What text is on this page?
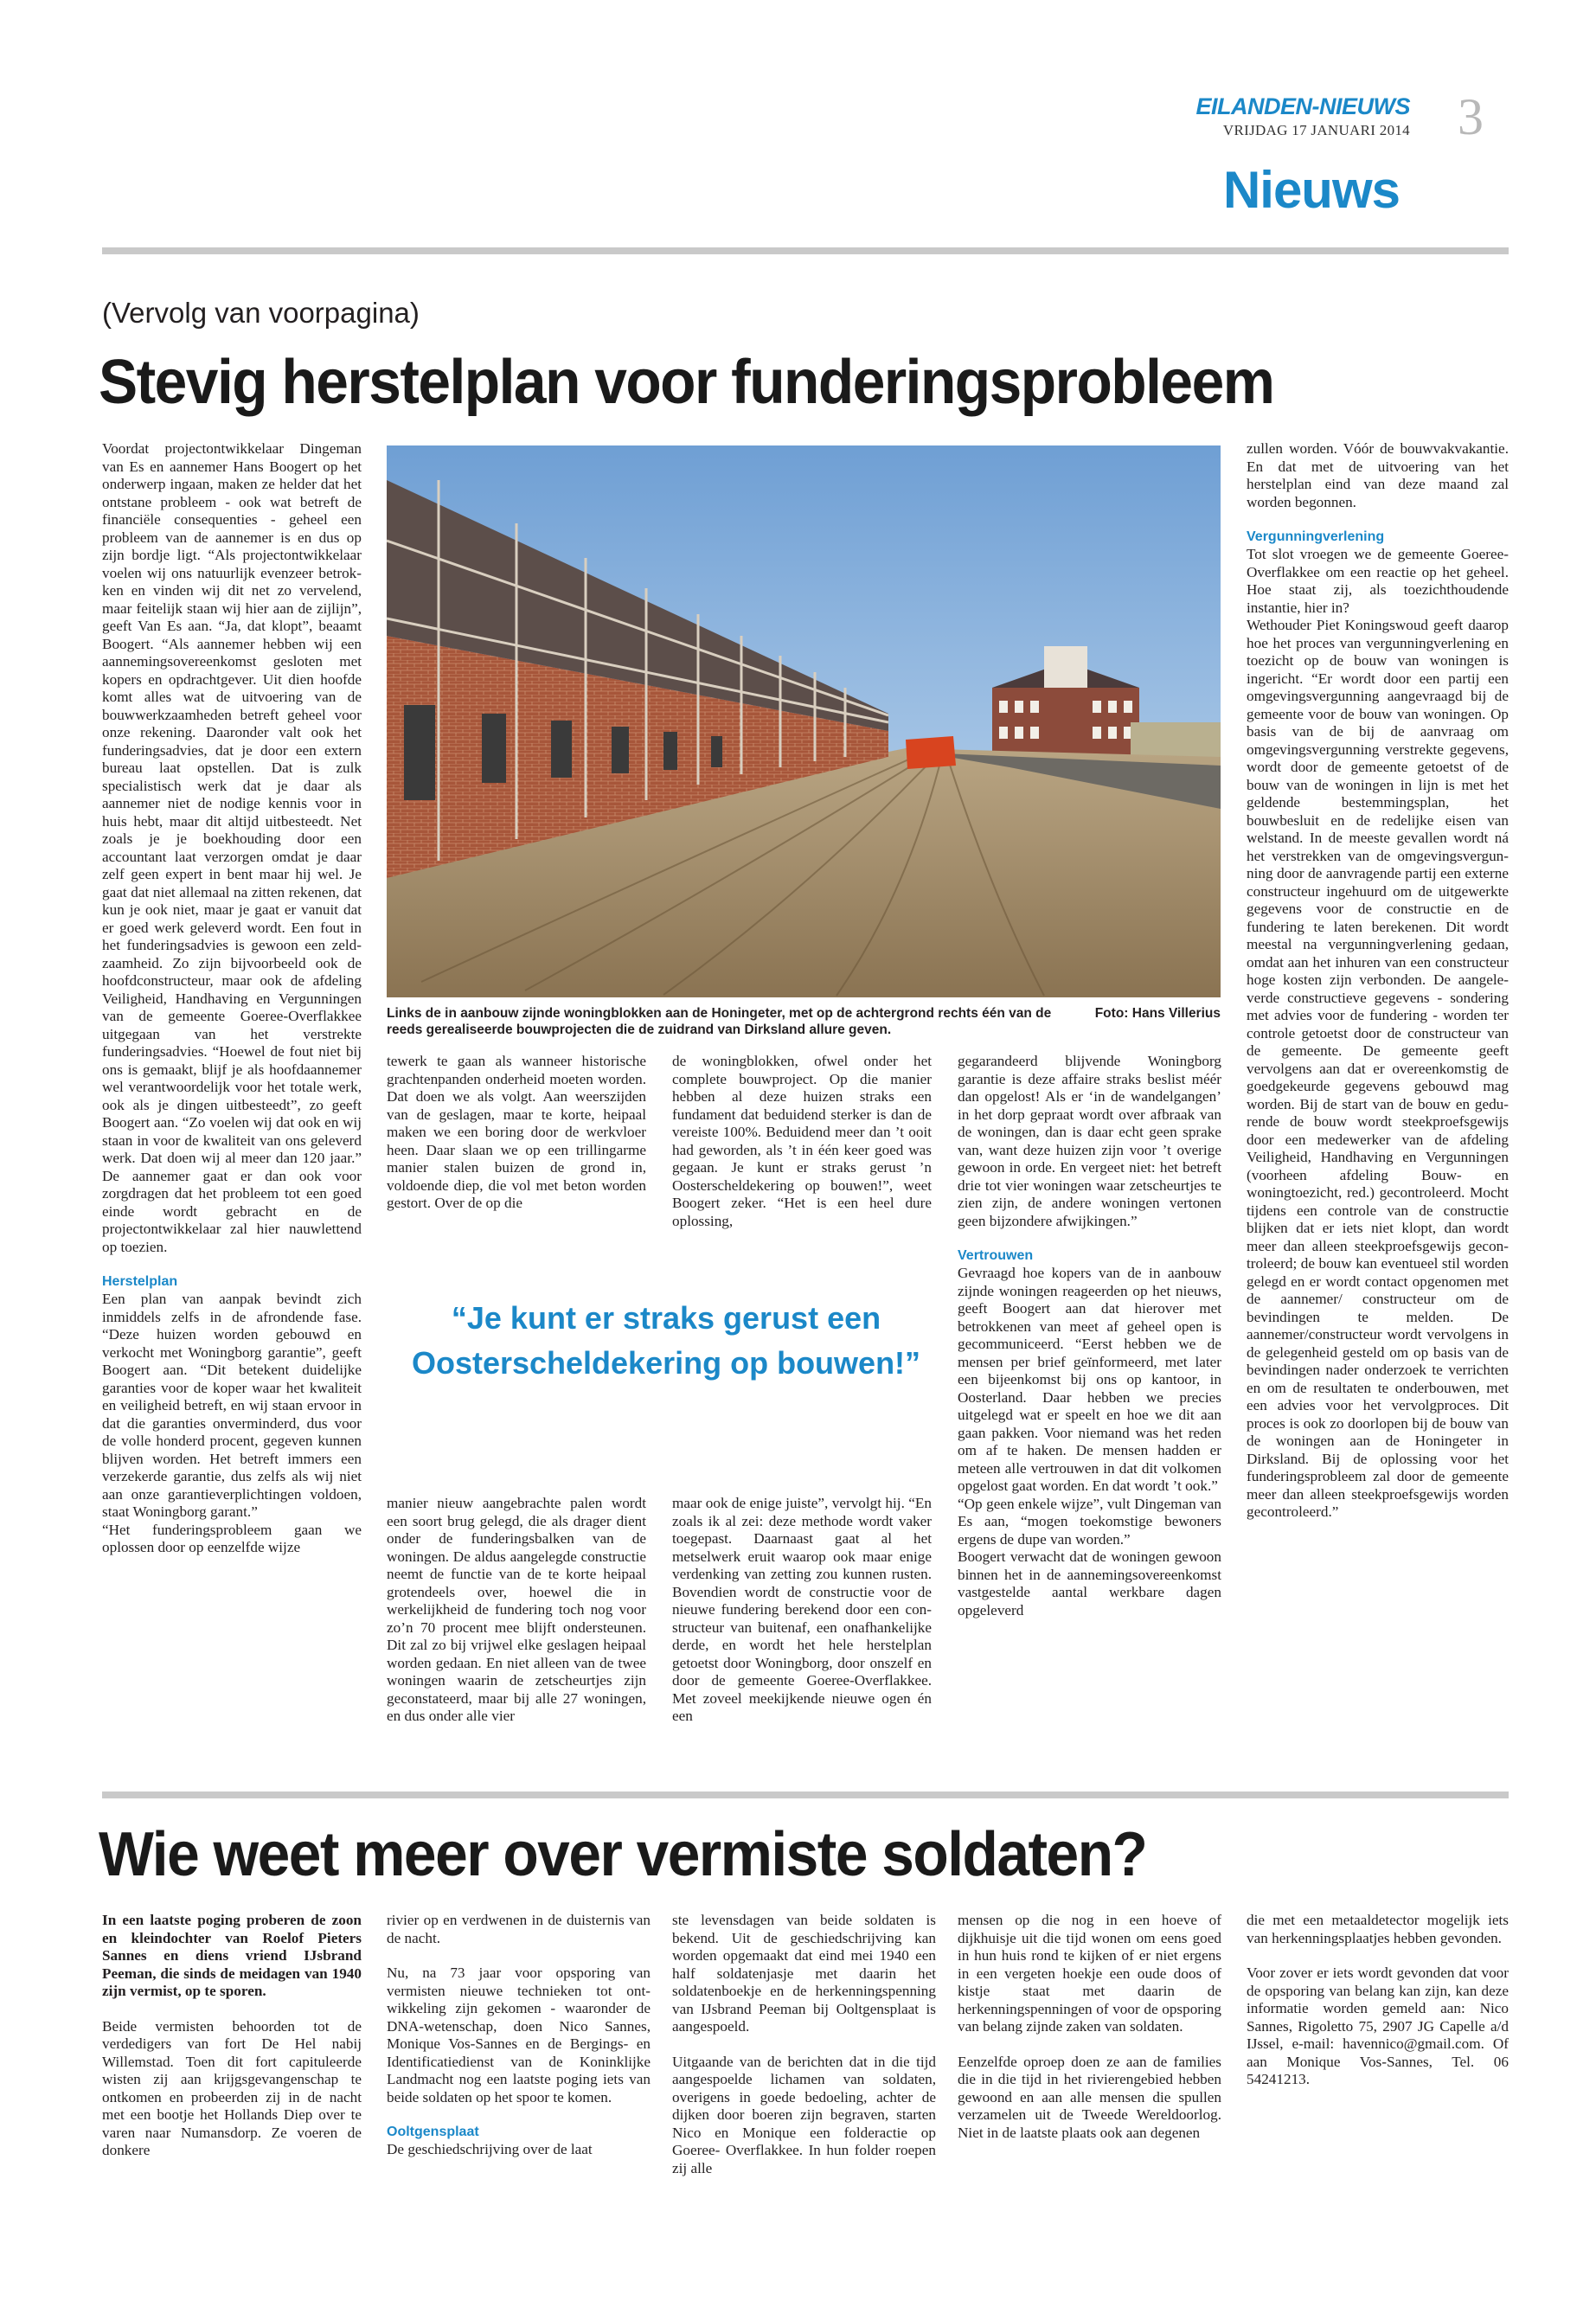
EILANDEN-NIEUWS
VRIJDAG 17 JANUARI 2014 3
Nieuws
(Vervolg van voorpagina)
Stevig herstelplan voor funderingsprobleem

Voordat projectontwikkelaar Dingeman van Es en aannemer Hans Boogert op het onderwerp ingaan, maken ze helder dat het ontstane probleem - ook wat betreft de financiële consequenties - geheel een probleem van de aannemer is en dus op zijn bordje ligt. “Als projectontwikkelaar voelen wij ons natuurlijk evenzeer betrokken en vinden wij dit net zo vervelend, maar feitelijk staan wij hier aan de zijlijn”, geeft Van Es aan. “Ja, dat klopt”, beaamt Boogert. “Als aannemer hebben wij een aannemingsovereenkomst gesloten met kopers en opdrachtgever. Uit dien hoofde komt alles wat de uitvoering van de bouwwerkzaamheden betreft geheel voor onze rekening. Daaronder valt ook het funderingsadvies, dat je door een extern bureau laat opstellen. Dat is zulk specialistisch werk dat je daar als aannemer niet de nodige kennis voor in huis hebt, maar dit altijd uitbesteedt. Net zoals je je boekhouding door een accountant laat verzorgen omdat je daar zelf geen expert in bent maar hij wel. Je gaat dat niet allemaal na zitten rekenen, dat kun je ook niet, maar je gaat er vanuit dat er goed werk geleverd wordt. Een fout in het funderingsadvies is gewoon een zeldzaamheid. Zo zijn bijvoorbeeld ook de hoofdconstructeur, maar ook de afdeling Veiligheid, Handhaving en Vergunningen van de gemeente Goeree-Overflakkee uitgegaan van het verstrekte funderingsadvies. “Hoewel de fout niet bij ons is gemaakt, blijf je als hoofdaannemer wel verantwoordelijk voor het totale werk, ook als je dingen uitbesteedt”, zo geeft Boogert aan. “Zo voelen wij dat ook en wij staan in voor de kwaliteit van ons geleverd werk. Dat doen wij al meer dan 120 jaar.” De aannemer gaat er dan ook voor zorgdragen dat het probleem tot een goed einde wordt gebracht en de projectontwikkelaar zal hier nauwlettend op toezien.

Herstelplan

Een plan van aanpak bevindt zich inmiddels zelfs in de afrondende fase. “Deze huizen worden gebouwd en verkocht met Woningborg garantie”, geeft Boogert aan. “Dit betekent duidelijke garanties voor de koper waar het kwaliteit en veiligheid betreft, en wij staan ervoor in dat die garanties onverminderd, dus voor de volle honderd procent, gegeven kunnen blijven worden. Het betreft immers een verzekerde garantie, dus zelfs als wij niet aan onze garantieverplichtingen voldoen, staat Woningborg garant.”

“Het funderingsprobleem gaan we oplossen door op eenzelfde wijze

Links de in aanbouw zijnde woningblokken aan de Honingeter, met op de achtergrond rechts één van de reeds gerealiseerde bouwprojecten die de zuidrand van Dirksland allure geven.
Foto: Hans Villerius

tewerk te gaan als wanneer historische grachtenpanden onderheid moeten worden. Dat doen we als volgt. Aan weerszijden van de geslagen, maar te korte, heipaal maken we een boring door de werkvloer heen. Daar slaan we op een trillingarme manier stalen buizen de grond in, voldoende diep, die vol met beton worden gestort. Over de op die

de woningblokken, ofwel onder het complete bouwproject. Op die manier hebben al deze huizen straks een fundament dat beduidend sterker is dan de vereiste 100%. Beduidend meer dan ’t ooit had geworden, als ’t in één keer goed was gegaan. Je kunt er straks gerust ’n Oosterscheldekering op bouwen!”, weet Boogert zeker. “Het is een heel dure oplossing,

gegarandeerd blijvende Woningborg garantie is deze affaire straks beslist méér dan opgelost! Als er ‘in de wandelgangen’ in het dorp gepraat wordt over afbraak van de woningen, dan is daar echt geen sprake van, want deze huizen zijn voor ’t overige gewoon in orde. En vergeet niet: het betreft drie tot vier woningen waar zetscheurtjes te zien zijn, de andere woningen vertonen geen bijzondere afwijkingen.”

Vertrouwen

Gevraagd hoe kopers van de in aanbouw zijnde woningen reageerden op het nieuws, geeft Boogert aan dat hierover met betrokkenen van meet af geheel open is gecommuniceerd. “Eerst hebben we de mensen per brief geïnformeerd, met later een bijeenkomst bij ons op kantoor, in Oosterland. Daar hebben we precies uitgelegd wat er speelt en hoe we dit aan gaan pakken. Voor niemand was het reden om af te haken. De mensen hadden er meteen alle vertrouwen in dat dit volkomen opgelost gaat worden. En dat wordt ’t ook.”

“Op geen enkele wijze”, vult Dingeman van Es aan, “mogen toekomstige bewoners ergens de dupe van worden.”

Boogert verwacht dat de woningen gewoon binnen het in de aannemingsovereenkomst vastgestelde aantal werkbare dagen opgeleverd

“Je kunt er straks gerust een Oosterscheldekering op bouwen!”

manier nieuw aangebrachte palen wordt een soort brug gelegd, die als drager dient onder de funderingsbalken van de woningen. De aldus aangelegde constructie neemt de functie van de te korte heipaal grotendeels over, hoewel die in werkelijkheid de fundering toch nog voor zo’n 70 procent mee blijft ondersteunen. Dit zal zo bij vrijwel elke geslagen heipaal worden gedaan. En niet alleen van de twee woningen waarin de zetscheurtjes zijn geconstateerd, maar bij alle 27 woningen, en dus onder alle vier

maar ook de enige juiste”, vervolgt hij. “En zoals ik al zei: deze methode wordt vaker toegepast. Daarnaast gaat al het metselwerk eruit waarop ook maar enige verdenking van zetting zou kunnen rusten. Bovendien wordt de constructie voor de nieuwe fundering berekend door een constructeur van buitenaf, een onafhankelijke derde, en wordt het hele herstelplan getoetst door Woningborg, door onszelf en door de gemeente Goeree-Overflakkee. Met zoveel meekijkende nieuwe ogen én een

zullen worden. Vóór de bouwvakvakantie. En dat met de uitvoering van het herstelplan eind van deze maand zal worden begonnen.

Vergunningverlening

Tot slot vroegen we de gemeente Goeree-Overflakkee om een reactie op het geheel. Hoe staat zij, als toezichthoudende instantie, hier in?

Wethouder Piet Koningswoud geeft daarop hoe het proces van vergunningverlening en toezicht op de bouw van woningen is ingericht. “Er wordt door een partij een omgevingsvergunning aangevraagd bij de gemeente voor de bouw van woningen. Op basis van de bij de aanvraag om omgevingsvergunning verstrekte gegevens, wordt door de gemeente getoetst of de bouw van de woningen in lijn is met het geldende bestemmingsplan, het bouwbesluit en de redelijke eisen van welstand. In de meeste gevallen wordt ná het verstrekken van de omgevingsvergunning door de aanvragende partij een externe constructeur ingehuurd om de uitgewerkte gegevens voor de constructie en de fundering te laten berekenen. Dit wordt meestal na vergunningverlening gedaan, omdat aan het inhuren van een constructeur hoge kosten zijn verbonden. De aangeleverde constructieve gegevens - sondering met advies voor de fundering - worden ter controle getoetst door de constructeur van de gemeente. De gemeente geeft vervolgens aan dat er overeenkomstig de goedgekeurde gegevens gebouwd mag worden. Bij de start van de bouw en gedurende de bouw wordt steekproefsgewijs door een medewerker van de afdeling Veiligheid, Handhaving en Vergunningen (voorheen afdeling Bouw- en woningtoezicht, red.) gecontroleerd. Mocht tijdens een controle van de constructie blijken dat er iets niet klopt, dan wordt meer dan alleen steekproefsgewijs gecontroleerd; de bouw kan eventueel stil worden gelegd en er wordt contact opgenomen met de aannemer/ constructeur om de bevindingen te melden. De aannemer/constructeur wordt vervolgens in de gelegenheid gesteld om op basis van de bevindingen nader onderzoek te verrichten en om de resultaten te onderbouwen, met een advies voor het vervolgproces. Dit proces is ook zo doorlopen bij de bouw van de woningen aan de Honingeter in Dirksland. Bij de oplossing voor het funderingsprobleem zal door de gemeente meer dan alleen steekproefsgewijs worden gecontroleerd.”

Wie weet meer over vermiste soldaten?

In een laatste poging proberen de zoon en kleindochter van Roelof Pieters Sannes en diens vriend IJsbrand Peeman, die sinds de meidagen van 1940 zijn vermist, op te sporen.

Beide vermisten behoorden tot de verdedigers van fort De Hel nabij Willemstad. Toen dit fort capituleerde wisten zij aan krijgsgevangenschap te ontkomen en probeerden zij in de nacht met een bootje het Hollands Diep over te varen naar Numansdorp. Ze voeren de donkere

rivier op en verdwenen in de duisternis van de nacht.

Nu, na 73 jaar voor opsporing van vermisten nieuwe technieken tot ontwikkeling zijn gekomen - waaronder de DNA-wetenschap, doen Nico Sannes, Monique Vos-Sannes en de Bergings- en Identificatiedienst van de Koninklijke Landmacht nog een laatste poging iets van beide soldaten op het spoor te komen.

Ooltgensplaat

De geschiedschrijving over de laat

ste levensdagen van beide soldaten is bekend. Uit de geschiedschrijving kan worden opgemaakt dat eind mei 1940 een half soldatenjasje met daarin het soldatenboekje en de herkenningspenning van IJsbrand Peeman bij Ooltgensplaat is aangespoeld.

Uitgaande van de berichten dat in die tijd aangespoelde lichamen van soldaten, overigens in goede bedoeling, achter de dijken door boeren zijn begraven, starten Nico en Monique een folderactie op Goeree- Overflakkee. In hun folder roepen zij alle

mensen op die nog in een hoeve of dijkhuisje uit die tijd wonen om eens goed in hun huis rond te kijken of er niet ergens in een vergeten hoekje een oude doos of kistje staat met daarin de herkenningspenningen of voor de opsporing van belang zijnde zaken van soldaten.

Eenzelfde oproep doen ze aan de families die in die tijd in het rivierengebied hebben gewoond en aan alle mensen die spullen verzamelen uit de Tweede Wereldoorlog. Niet in de laatste plaats ook aan degenen

die met een metaaldetector mogelijk iets van herkenningsplaatjes hebben gevonden.

Voor zover er iets wordt gevonden dat voor de opsporing van belang kan zijn, kan deze informatie worden gemeld aan: Nico Sannes, Rigoletto 75, 2907 JG Capelle a/d IJssel, e-mail: havennico@gmail.com. Of aan Monique Vos-Sannes, Tel. 06 54241213.
